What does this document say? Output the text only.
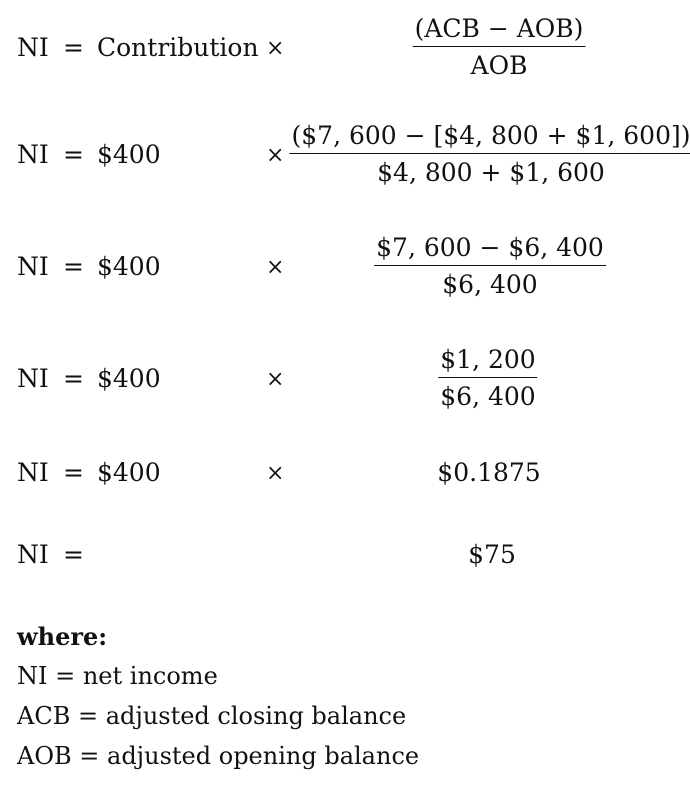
NI = Contribution ×
(ACB − AOB)
AOB
NI = $400	×
($7, 600 − [$4, 800 + $1, 600])
$4, 800 + $1, 600
NI = $400	×
$7, 600 − $6, 400
$6, 400
NI = $400	×
$1, 200
$6, 400
NI = $400	×	$0.1875
NI =	$75
where:
NI = net income
ACB = adjusted closing balance
AOB = adjusted opening balance
